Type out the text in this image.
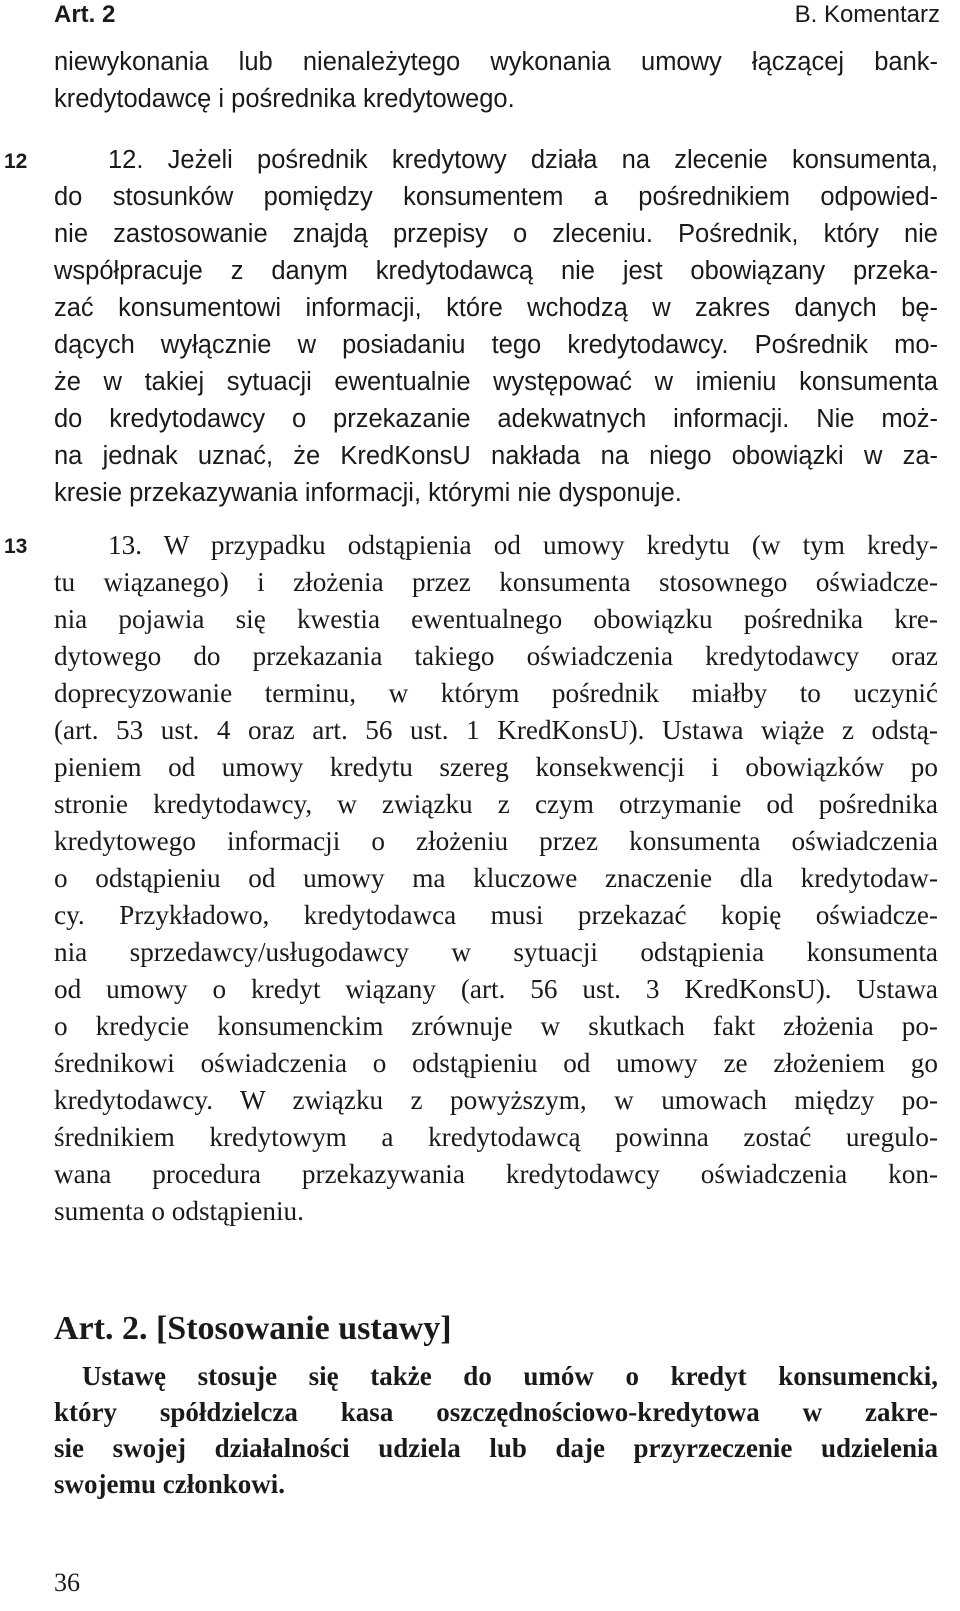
Art. 2	B. Komentarz
niewykonania lub nienależytego wykonania umowy łączącej bank-
kredytodawcę i pośrednika kredytowego.
12	12. Jeżeli pośrednik kredytowy działa na zlecenie konsumenta,
do stosunków pomiędzy konsumentem a pośrednikiem odpowied-
nie zastosowanie znajdą przepisy o zleceniu. Pośrednik, który nie
współpracuje z danym kredytodawcą nie jest obowiązany przeka-
zać konsumentowi informacji, które wchodzą w zakres danych bę-
dących wyłącznie w posiadaniu tego kredytodawcy. Pośrednik mo-
że w takiej sytuacji ewentualnie występować w imieniu konsumenta
do kredytodawcy o przekazanie adekwatnych informacji. Nie moż-
na jednak uznać, że KredKonsU nakłada na niego obowiązki w za-
kresie przekazywania informacji, którymi nie dysponuje.
13	13. W przypadku odstąpienia od umowy kredytu (w tym kredy-
tu wiązanego) i złożenia przez konsumenta stosownego oświadcze-
nia pojawia się kwestia ewentualnego obowiązku pośrednika kre-
dytowego do przekazania takiego oświadczenia kredytodawcy oraz
doprecyzowanie terminu, w którym pośrednik miałby to uczynić
(art. 53 ust. 4 oraz art. 56 ust. 1 KredKonsU). Ustawa wiąże z odstą-
pieniem od umowy kredytu szereg konsekwencji i obowiązków po
stronie kredytodawcy, w związku z czym otrzymanie od pośrednika
kredytowego informacji o złożeniu przez konsumenta oświadczenia
o odstąpieniu od umowy ma kluczowe znaczenie dla kredytodaw-
cy. Przykładowo, kredytodawca musi przekazać kopię oświadcze-
nia sprzedawcy/usługodawcy w sytuacji odstąpienia konsumenta
od umowy o kredyt wiązany (art. 56 ust. 3 KredKonsU). Ustawa
o kredycie konsumenckim zrównuje w skutkach fakt złożenia po-
średnikowi oświadczenia o odstąpieniu od umowy ze złożeniem go
kredytodawcy. W związku z powyższym, w umowach między po-
średnikiem kredytowym a kredytodawcą powinna zostać uregulo-
wana procedura przekazywania kredytodawcy oświadczenia kon-
sumenta o odstąpieniu.
Art. 2. [Stosowanie ustawy]
Ustawę stosuje się także do umów o kredyt konsumencki,
który spółdzielcza kasa oszczędnościowo-kredytowa w zakre-
sie swojej działalności udziela lub daje przyrzeczenie udzielenia
swojemu członkowi.
36
